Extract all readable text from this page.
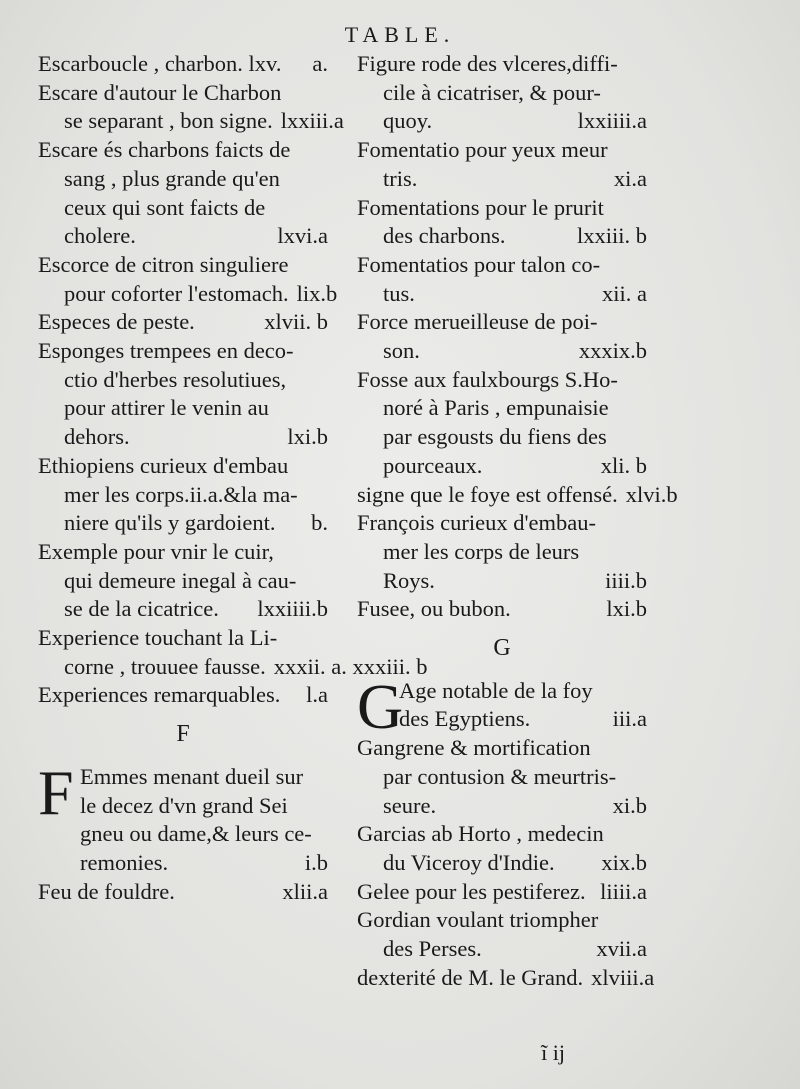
TABLE.
Escarboucle , charbon. lxv. a.
Escare d'autour le Charbon
se separant , bon signe. lxxiii.a
Escare és charbons faicts de
sang , plus grande qu'en
ceux qui sont faicts de
cholere.	lxvi.a
Escorce de citron singuliere
pour coforter l'estomach. lix.b
Especes de peste.	xlvii. b
Esponges trempees en deco-
ctio d'herbes resolutiues,
pour attirer le venin au
dehors.	lxi.b
Ethiopiens curieux d'embau
mer les corps.ii.a.&la ma-
niere qu'ils y gardoient. b.
Exemple pour vnir le cuir,
qui demeure inegal à cau-
se de la cicatrice. lxxiiii.b
Experience touchant la Li-
corne , trouuee fausse. xxxii. a. xxxiii. b
Experiences remarquables. l.a
F
F Emmes menant dueil sur
le decez d'vn grand Sei
gneu ou dame,& leurs ce-
remonies.	i.b
Feu de fouldre.	xlii.a
Figure rode des vlceres,diffi-
cile à cicatriser, & pour-
quoy.	lxxiiii.a
Fomentatio pour yeux meur
tris.	xi.a
Fomentations pour le prurit
des charbons.	lxxiii. b
Fomentatios pour talon co-
tus.	xii. a
Force merueilleuse de poi-
son.	xxxix.b
Fosse aux faulxbourgs S.Ho-
noré à Paris , empunaisie
par esgousts du fiens des
pourceaux.	xli. b
signe que le foye est offensé. xlvi.b
François curieux d'embau-
mer les corps de leurs
Roys.	iiii.b
Fusee, ou bubon.	lxi.b
G
G
Age notable de la foy
des Egyptiens.	iii.a
Gangrene & mortification
par contusion & meurtris-
seure.	xi.b
Garcias ab Horto , medecin
du Viceroy d'Indie. xix.b
Gelee pour les pestiferez. liiii.a
Gordian voulant triompher
des Perses.	xvii.a
dexterité de M. le Grand. xlviii.a
ĩ ij
